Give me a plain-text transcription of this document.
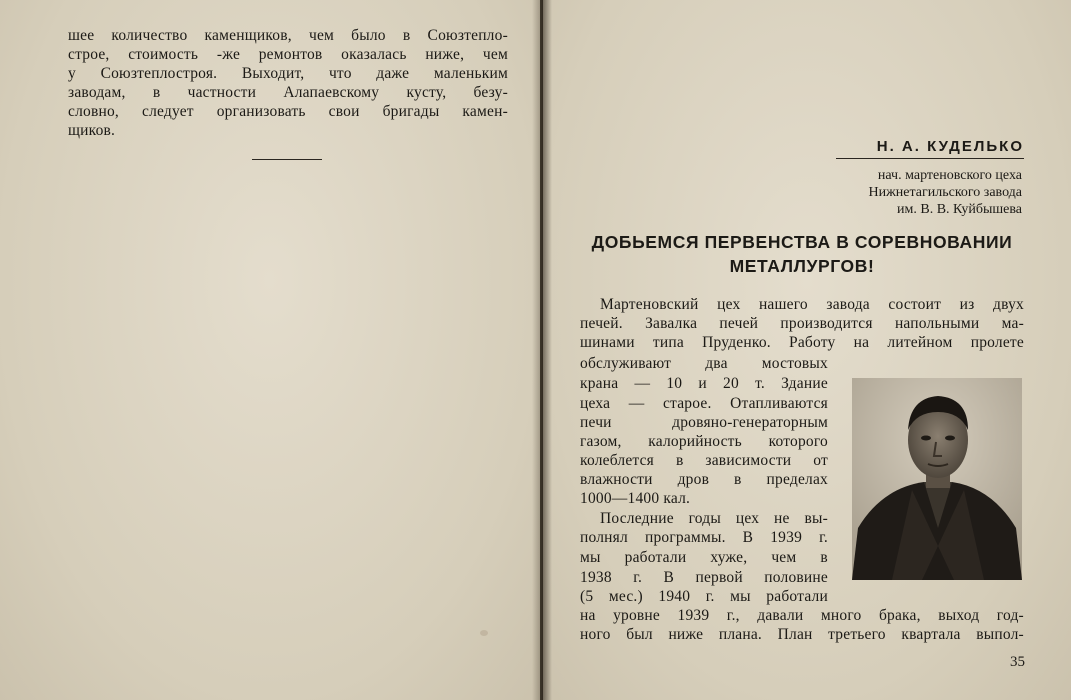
шее количество каменщиков, чем было в Союзтепло-
строе, стоимость -же ремонтов оказалась ниже, чем
у Союзтеплостроя. Выходит, что даже маленьким
заводам, в частности Алапаевскому кусту, безу-
словно, следует организовать свои бригады камен-
щиков.
Н. А. КУДЕЛЬКО
нач. мартеновского цеха
Нижнетагильского завода
им. В. В. Куйбышева
ДОБЬЕМСЯ ПЕРВЕНСТВА В СОРЕВНОВАНИИ
МЕТАЛЛУРГОВ!
Мартеновский цех нашего завода состоит из двух
печей. Завалка печей производится напольными ма-
шинами типа Пруденко. Работу на литейном пролете
обслуживают два мостовых
крана — 10 и 20 т. Здание
цеха — старое. Отапливаются
печи	дровяно-генераторным
газом, калорийность которого
колеблется в зависимости от
влажности дров в пределах
1000—1400 кал.
Последние годы цех не вы-
полнял программы. В 1939 г.
мы работали хуже, чем в
1938 г. В первой половине
(5 мес.) 1940 г. мы работали
на уровне 1939 г., давали много брака, выход год-
ного был ниже плана. План третьего квартала выпол-
35
